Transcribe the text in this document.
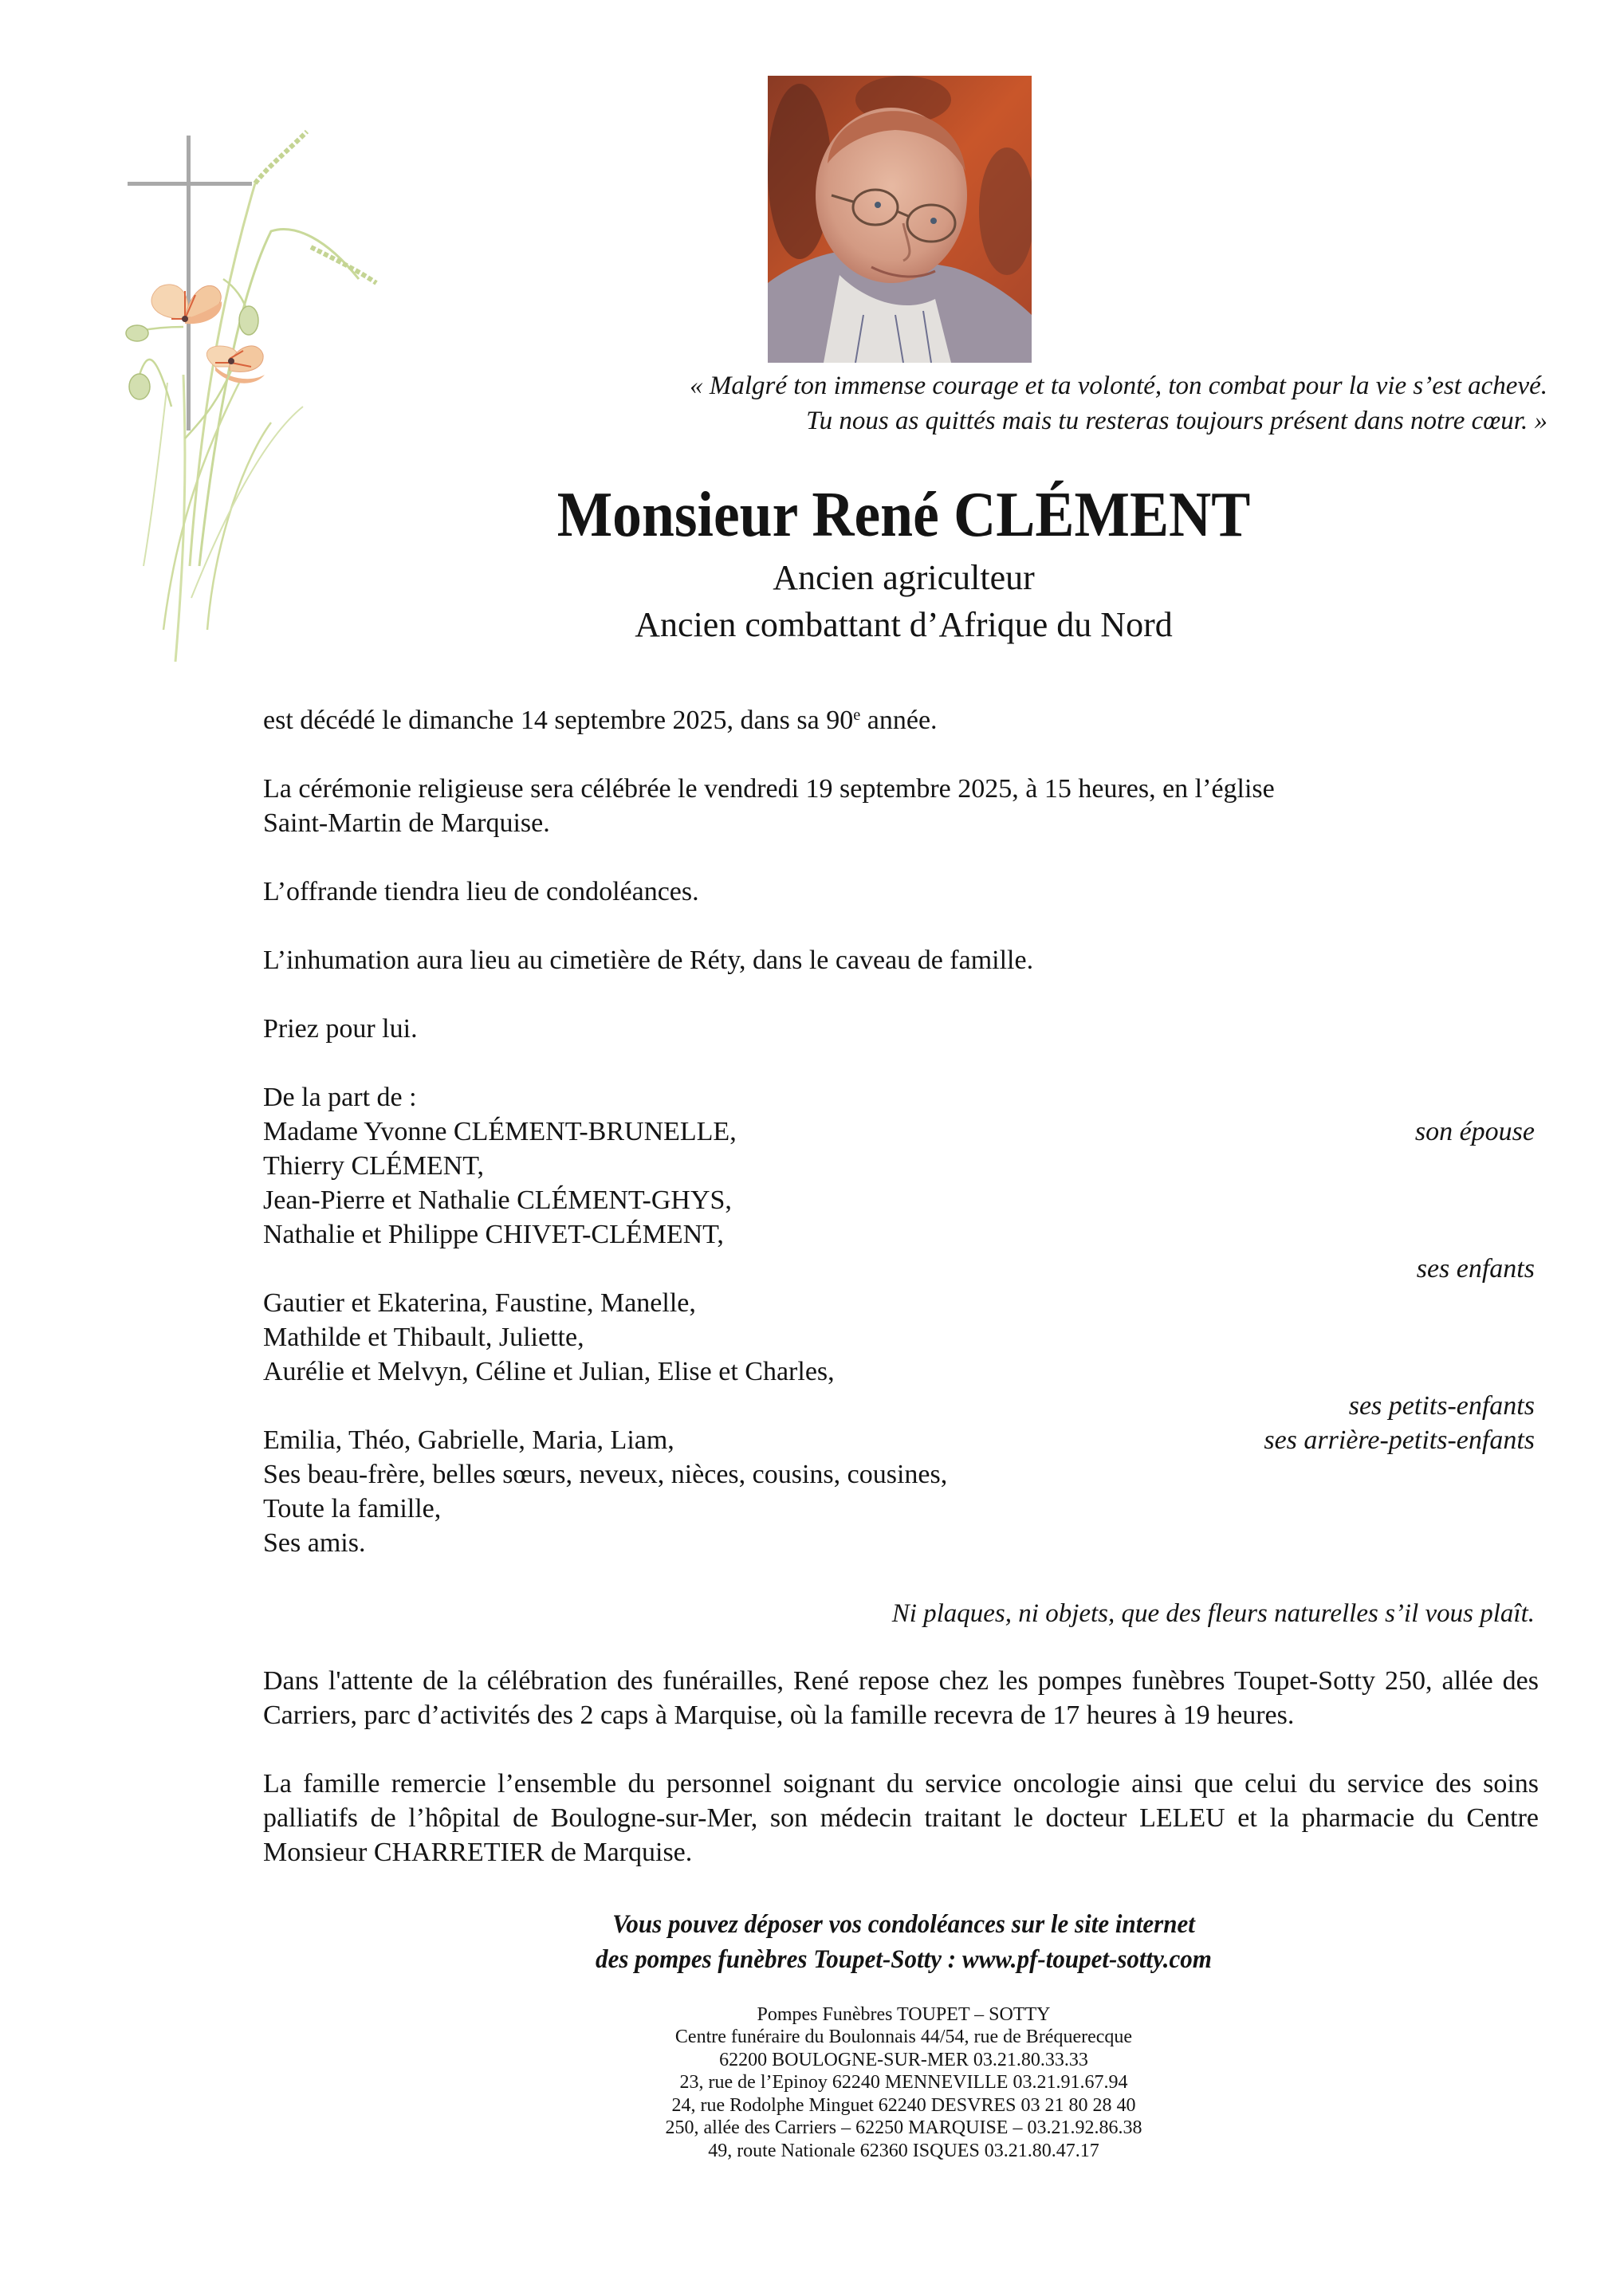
« Malgré ton immense courage et ta volonté, ton combat pour la vie s’est achevé.
Tu nous as quittés mais tu resteras toujours présent dans notre cœur. »
Monsieur René CLÉMENT
Ancien agriculteur
Ancien combattant d’Afrique du Nord
est décédé le dimanche 14 septembre 2025, dans sa 90e année.
La cérémonie religieuse sera célébrée le vendredi 19 septembre 2025, à 15 heures, en l’église
Saint-Martin de Marquise.
L’offrande tiendra lieu de condoléances.
L’inhumation aura lieu au cimetière de Réty, dans le caveau de famille.
Priez pour lui.
De la part de :
Madame Yvonne CLÉMENT-BRUNELLE,
Thierry CLÉMENT,
Jean-Pierre et Nathalie CLÉMENT-GHYS,
Nathalie et Philippe CHIVET-CLÉMENT,
son épouse
ses enfants
Gautier et Ekaterina, Faustine, Manelle,
Mathilde et Thibault, Juliette,
Aurélie et Melvyn, Céline et Julian, Elise et Charles,
ses petits-enfants
ses arrière-petits-enfants
Emilia, Théo, Gabrielle, Maria, Liam,
Ses beau-frère, belles sœurs, neveux, nièces, cousins, cousines,
Toute la famille,
Ses amis.
Ni plaques, ni objets, que des fleurs naturelles s’il vous plaît.
Dans l'attente de la célébration des funérailles, René repose chez les pompes funèbres Toupet-Sotty 250, allée des Carriers, parc d’activités des 2 caps à Marquise, où la famille recevra de 17 heures à 19 heures.
La famille remercie l’ensemble du personnel soignant du service oncologie ainsi que celui du service des soins palliatifs de l’hôpital de Boulogne-sur-Mer, son médecin traitant le docteur LELEU et la pharmacie du Centre Monsieur CHARRETIER de Marquise.
Vous pouvez déposer vos condoléances sur le site internet
des pompes funèbres Toupet-Sotty : www.pf-toupet-sotty.com
Pompes Funèbres TOUPET – SOTTY
Centre funéraire du Boulonnais 44/54, rue de Bréquerecque
62200 BOULOGNE-SUR-MER 03.21.80.33.33
23, rue de l’Epinoy 62240 MENNEVILLE 03.21.91.67.94
24, rue Rodolphe Minguet 62240 DESVRES 03 21 80 28 40
250, allée des Carriers – 62250 MARQUISE – 03.21.92.86.38
49, route Nationale 62360 ISQUES 03.21.80.47.17
